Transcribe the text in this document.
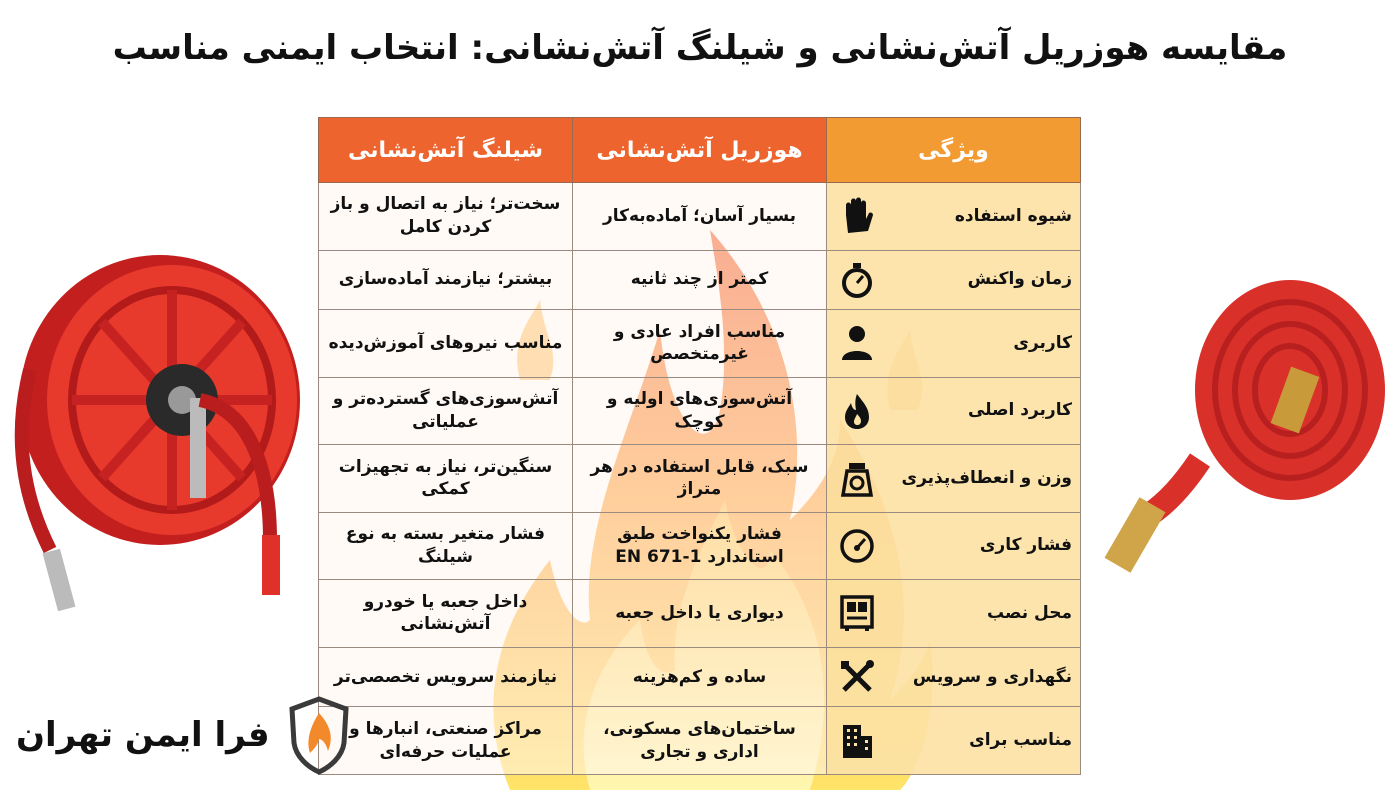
مقایسه هوزریل آتش‌نشانی و شیلنگ آتش‌نشانی: انتخاب ایمنی مناسب
ویژگی	هوزریل آتش‌نشانی	شیلنگ آتش‌نشانی

شیوه استفاده	بسیار آسان؛ آماده‌به‌کار	سخت‌تر؛ نیاز به اتصال و باز کردن کامل

زمان واکنش	کمتر از چند ثانیه	بیشتر؛ نیازمند آماده‌سازی

کاربری	مناسب افراد عادی و غیرمتخصص	مناسب نیروهای آموزش‌دیده

کاربرد اصلی	آتش‌سوزی‌های اولیه و کوچک	آتش‌سوزی‌های گسترده‌تر و عملیاتی

وزن و انعطاف‌پذیری	سبک، قابل استفاده در هر متراژ	سنگین‌تر، نیاز به تجهیزات کمکی

فشار کاری	فشار یکنواخت طبق استاندارد EN 671-1	فشار متغیر بسته به نوع شیلنگ

محل نصب	دیواری یا داخل جعبه	داخل جعبه یا خودرو آتش‌نشانی

نگهداری و سرویس	ساده و کم‌هزینه	نیازمند سرویس تخصصی‌تر

مناسب برای	ساختمان‌های مسکونی، اداری و تجاری	مراکز صنعتی، انبارها و عملیات حرفه‌ای
فرا ایمن تهران
